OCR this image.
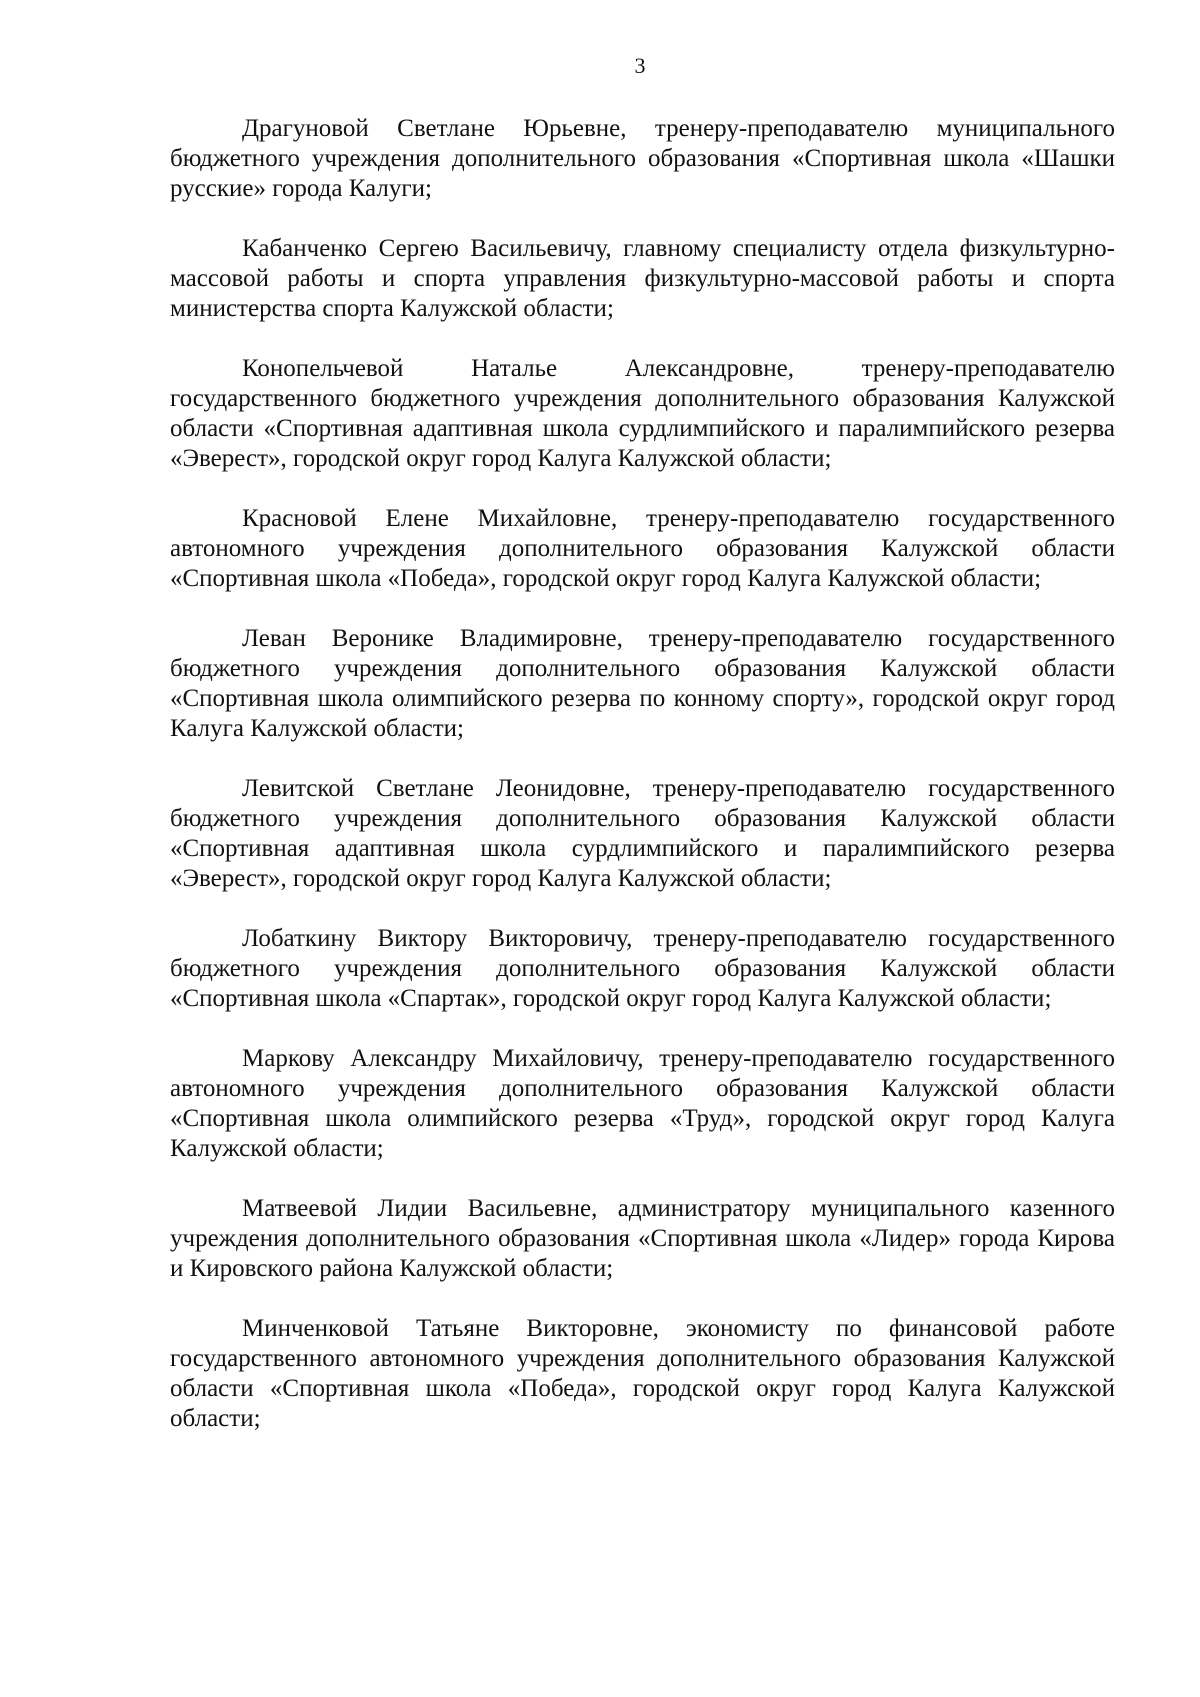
3

Драгуновой Светлане Юрьевне, тренеру-преподавателю муниципального бюджетного учреждения дополнительного образования «Спортивная школа «Шашки русские» города Калуги;

Кабанченко Сергею Васильевичу, главному специалисту отдела физкультурно-массовой работы и спорта управления физкультурно-массовой работы и спорта министерства спорта Калужской области;

Конопельчевой Наталье Александровне, тренеру-преподавателю государственного бюджетного учреждения дополнительного образования Калужской области «Спортивная адаптивная школа сурдлимпийского и паралимпийского резерва «Эверест», городской округ город Калуга Калужской области;

Красновой Елене Михайловне, тренеру-преподавателю государственного автономного учреждения дополнительного образования Калужской области «Спортивная школа «Победа», городской округ город Калуга Калужской области;

Леван Веронике Владимировне, тренеру-преподавателю государственного бюджетного учреждения дополнительного образования Калужской области «Спортивная школа олимпийского резерва по конному спорту», городской округ город Калуга Калужской области;

Левитской Светлане Леонидовне, тренеру-преподавателю государственного бюджетного учреждения дополнительного образования Калужской области «Спортивная адаптивная школа сурдлимпийского и паралимпийского резерва «Эверест», городской округ город Калуга Калужской области;

Лобаткину Виктору Викторовичу, тренеру-преподавателю государственного бюджетного учреждения дополнительного образования Калужской области «Спортивная школа «Спартак», городской округ город Калуга Калужской области;

Маркову Александру Михайловичу, тренеру-преподавателю государственного автономного учреждения дополнительного образования Калужской области «Спортивная школа олимпийского резерва «Труд», городской округ город Калуга Калужской области;

Матвеевой Лидии Васильевне, администратору муниципального казенного учреждения дополнительного образования «Спортивная школа «Лидер» города Кирова и Кировского района Калужской области;

Минченковой Татьяне Викторовне, экономисту по финансовой работе государственного автономного учреждения дополнительного образования Калужской области «Спортивная школа «Победа», городской округ город Калуга Калужской области;
